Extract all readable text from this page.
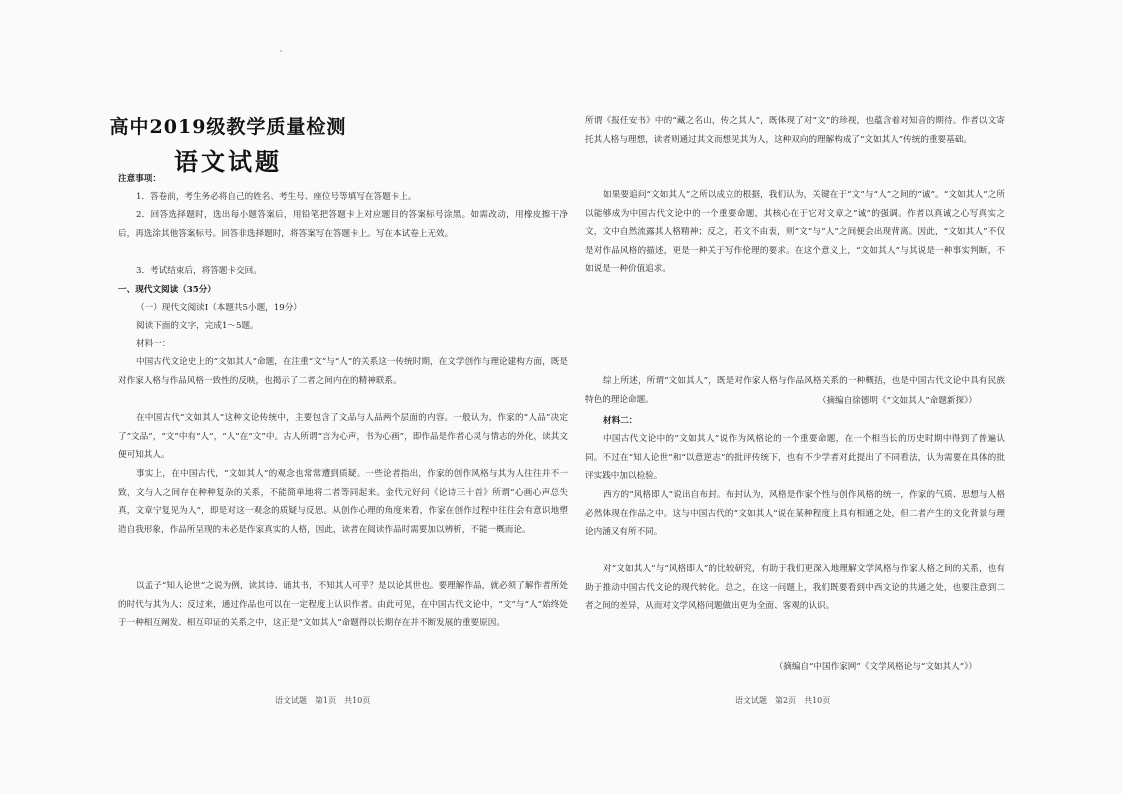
高中2019级教学质量检测
语文试题

注意事项：

1．答卷前，考生务必将自己的姓名、考生号、座位号等填写在答题卡上。

2．回答选择题时，选出每小题答案后，用铅笔把答题卡上对应题目的答案标号涂黑。如需改动，用橡皮擦干净后，再选涂其他答案标号。回答非选择题时，将答案写在答题卡上。写在本试卷上无效。

3．考试结束后，将答题卡交回。

一、现代文阅读（35分）

（一）现代文阅读Ⅰ（本题共5小题，19分）

阅读下面的文字，完成1～5题。

材料一：

中国古代文论史上的“文如其人”命题，在注重“文”与“人”的关系这一传统时期，在文学创作与理论建构方面，既是对作家人格与作品风格一致性的反映，也揭示了二者之间内在的精神联系。

在中国古代“文如其人”这种文论传统中，主要包含了文品与人品两个层面的内容。一般认为，作家的“人品”决定了“文品”，“文”中有“人”，“人”在“文”中。古人所谓“言为心声，书为心画”，即作品是作者心灵与情志的外化，读其文便可知其人。

事实上，在中国古代，“文如其人”的观念也常常遭到质疑。一些论者指出，作家的创作风格与其为人往往并不一致，文与人之间存在种种复杂的关系，不能简单地将二者等同起来。金代元好问《论诗三十首》所谓“心画心声总失真，文章宁复见为人”，即是对这一观念的质疑与反思。从创作心理的角度来看，作家在创作过程中往往会有意识地塑造自我形象，作品所呈现的未必是作家真实的人格，因此，读者在阅读作品时需要加以辨析，不能一概而论。

以孟子“知人论世”之说为例，读其诗、诵其书，不知其人可乎？是以论其世也。要理解作品，就必须了解作者所处的时代与其为人；反过来，通过作品也可以在一定程度上认识作者。由此可见，在中国古代文论中，“文”与“人”始终处于一种相互阐发、相互印证的关系之中，这正是“文如其人”命题得以长期存在并不断发展的重要原因。

语文试题　第1页　共10页

所谓《报任安书》中的“藏之名山，传之其人”，既体现了对“文”的珍视，也蕴含着对知音的期待。作者以文寄托其人格与理想，读者则通过其文而想见其为人，这种双向的理解构成了“文如其人”传统的重要基础。

如果要追问“文如其人”之所以成立的根据，我们认为，关键在于“文”与“人”之间的“诚”。“文如其人”之所以能够成为中国古代文论中的一个重要命题，其核心在于它对文章之“诚”的强调。作者以真诚之心写真实之文，文中自然流露其人格精神；反之，若文不由衷，则“文”与“人”之间便会出现背离。因此，“文如其人”不仅是对作品风格的描述，更是一种关于写作伦理的要求。在这个意义上，“文如其人”与其说是一种事实判断，不如说是一种价值追求。

综上所述，所谓“文如其人”，既是对作家人格与作品风格关系的一种概括，也是中国古代文论中具有民族特色的理论命题。	（摘编自徐德明《“文如其人”命题新探》）

材料二：

中国古代文论中的“文如其人”说作为风格论的一个重要命题，在一个相当长的历史时期中得到了普遍认同。不过在“知人论世”和“以意逆志”的批评传统下，也有不少学者对此提出了不同看法，认为需要在具体的批评实践中加以检验。

西方的“风格即人”说出自布封。布封认为，风格是作家个性与创作风格的统一，作家的气质、思想与人格必然体现在作品之中。这与中国古代的“文如其人”说在某种程度上具有相通之处，但二者产生的文化背景与理论内涵又有所不同。

对“文如其人”与“风格即人”的比较研究，有助于我们更深入地理解文学风格与作家人格之间的关系，也有助于推动中国古代文论的现代转化。总之，在这一问题上，我们既要看到中西文论的共通之处，也要注意到二者之间的差异，从而对文学风格问题做出更为全面、客观的认识。

（摘编自“中国作家网”《文学风格论与“文如其人”》）
语文试题　第2页　共10页
